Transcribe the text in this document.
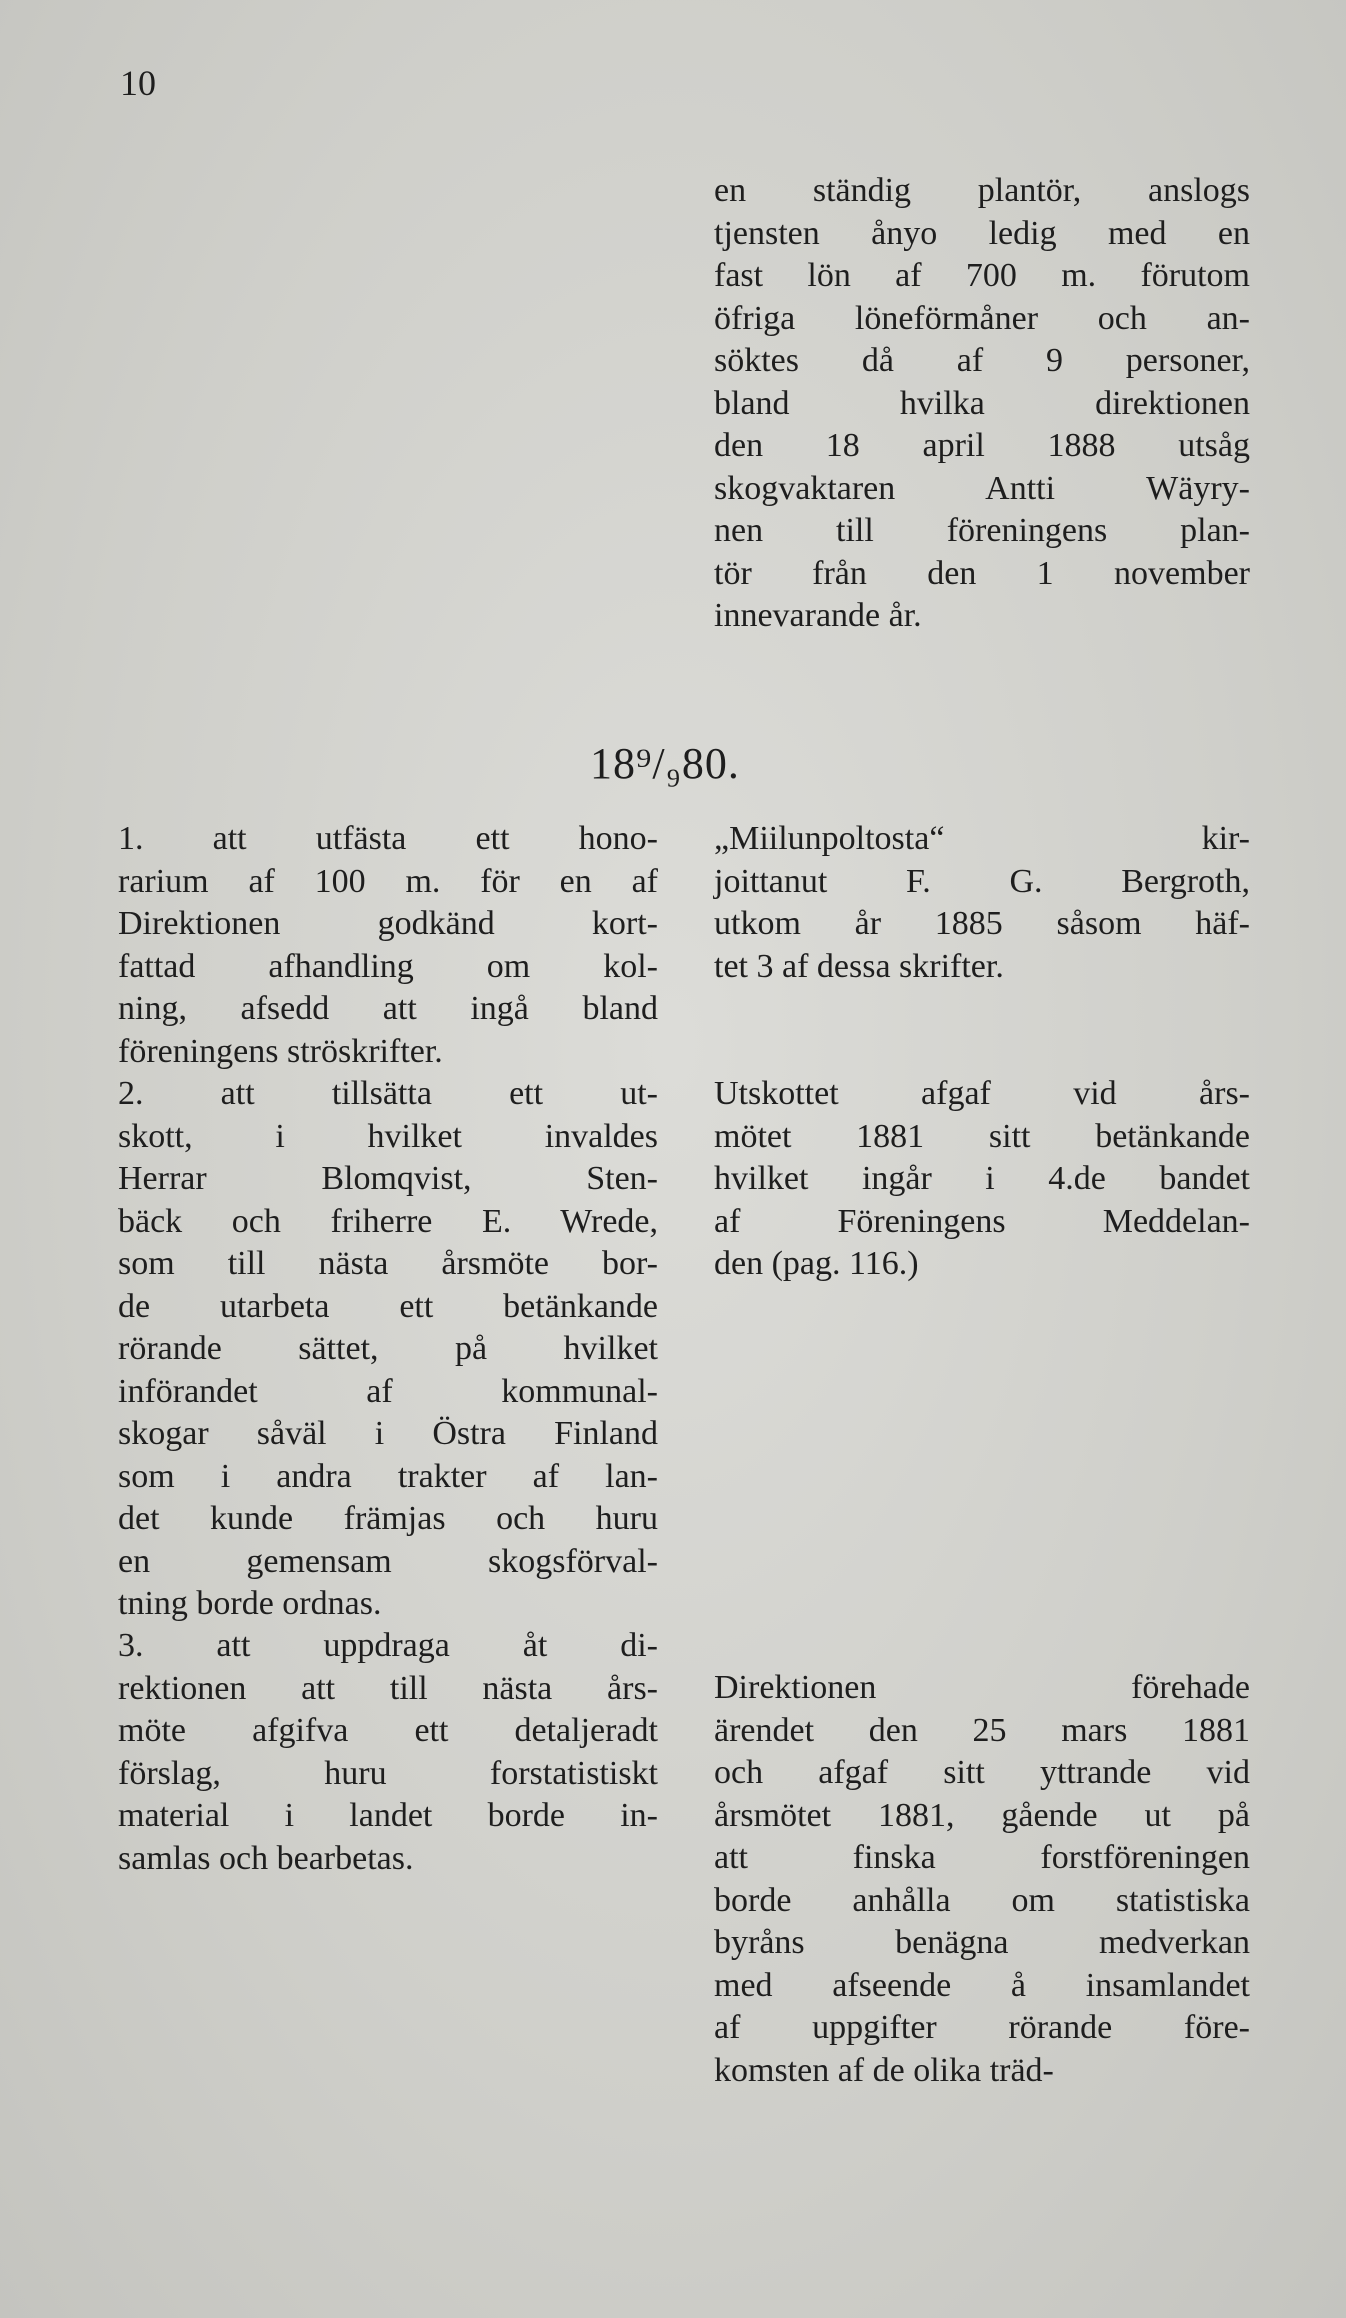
10
en ständig plantör, anslogs
tjensten ånyo ledig med en
fast lön af 700 m. förutom
öfriga löneförmåner och an-
söktes då af 9 personer,
bland hvilka direktionen
den 18 april 1888 utsåg
skogvaktaren Antti Wäyry-
nen till föreningens plan-
tör från den 1 november
innevarande år.
18⁹/₉80.
1. att utfästa ett hono-
rarium af 100 m. för en af
Direktionen godkänd kort-
fattad afhandling om kol-
ning, afsedd att ingå bland
föreningens ströskrifter.
2. att tillsätta ett ut-
skott, i hvilket invaldes
Herrar Blomqvist, Sten-
bäck och friherre E. Wrede,
som till nästa årsmöte bor-
de utarbeta ett betänkande
rörande sättet, på hvilket
införandet af kommunal-
skogar såväl i Östra Finland
som i andra trakter af lan-
det kunde främjas och huru
en gemensam skogsförval-
tning borde ordnas.
3. att uppdraga åt di-
rektionen att till nästa års-
möte afgifva ett detaljeradt
förslag, huru forstatistiskt
material i landet borde in-
samlas och bearbetas.
„Miilunpoltosta“ kir-
joittanut F. G. Bergroth,
utkom år 1885 såsom häf-
tet 3 af dessa skrifter.
Utskottet afgaf vid års-
mötet 1881 sitt betänkande
hvilket ingår i 4.de bandet
af Föreningens Meddelan-
den (pag. 116.)
Direktionen förehade
ärendet den 25 mars 1881
och afgaf sitt yttrande vid
årsmötet 1881, gående ut på
att finska forstföreningen
borde anhålla om statistiska
byråns benägna medverkan
med afseende å insamlandet
af uppgifter rörande före-
komsten af de olika träd-
